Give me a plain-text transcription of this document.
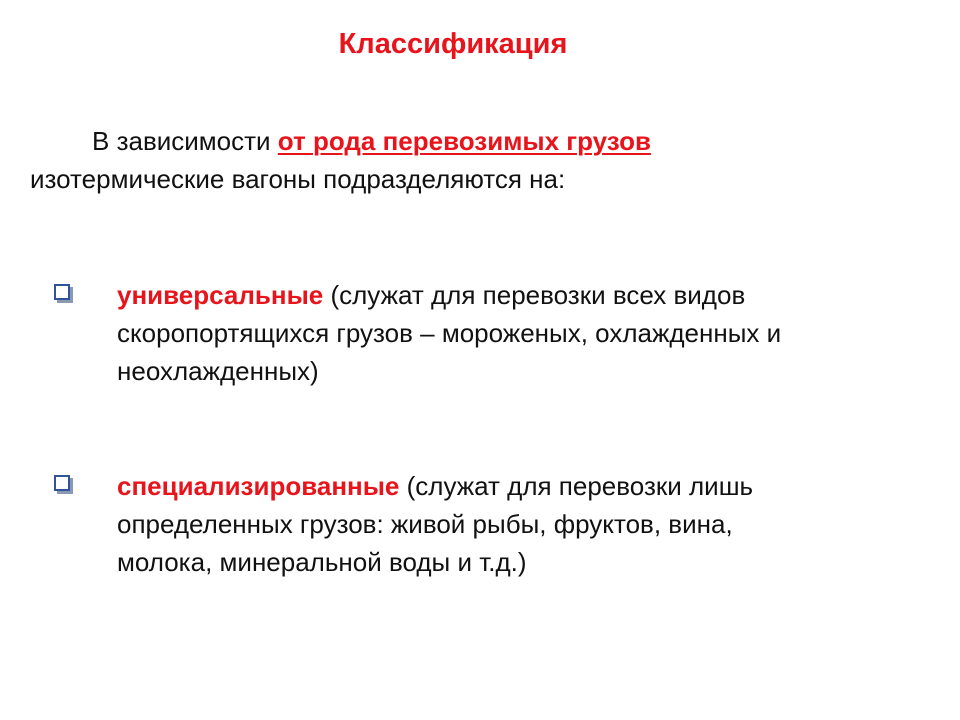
Классификация
В зависимости от рода перевозимых грузов
изотермические вагоны подразделяются на:
универсальные (служат для перевозки всех видов
скоропортящихся грузов – мороженых, охлажденных и
неохлажденных)
специализированные (служат для перевозки лишь
определенных грузов: живой рыбы, фруктов, вина,
молока, минеральной воды и т.д.)
